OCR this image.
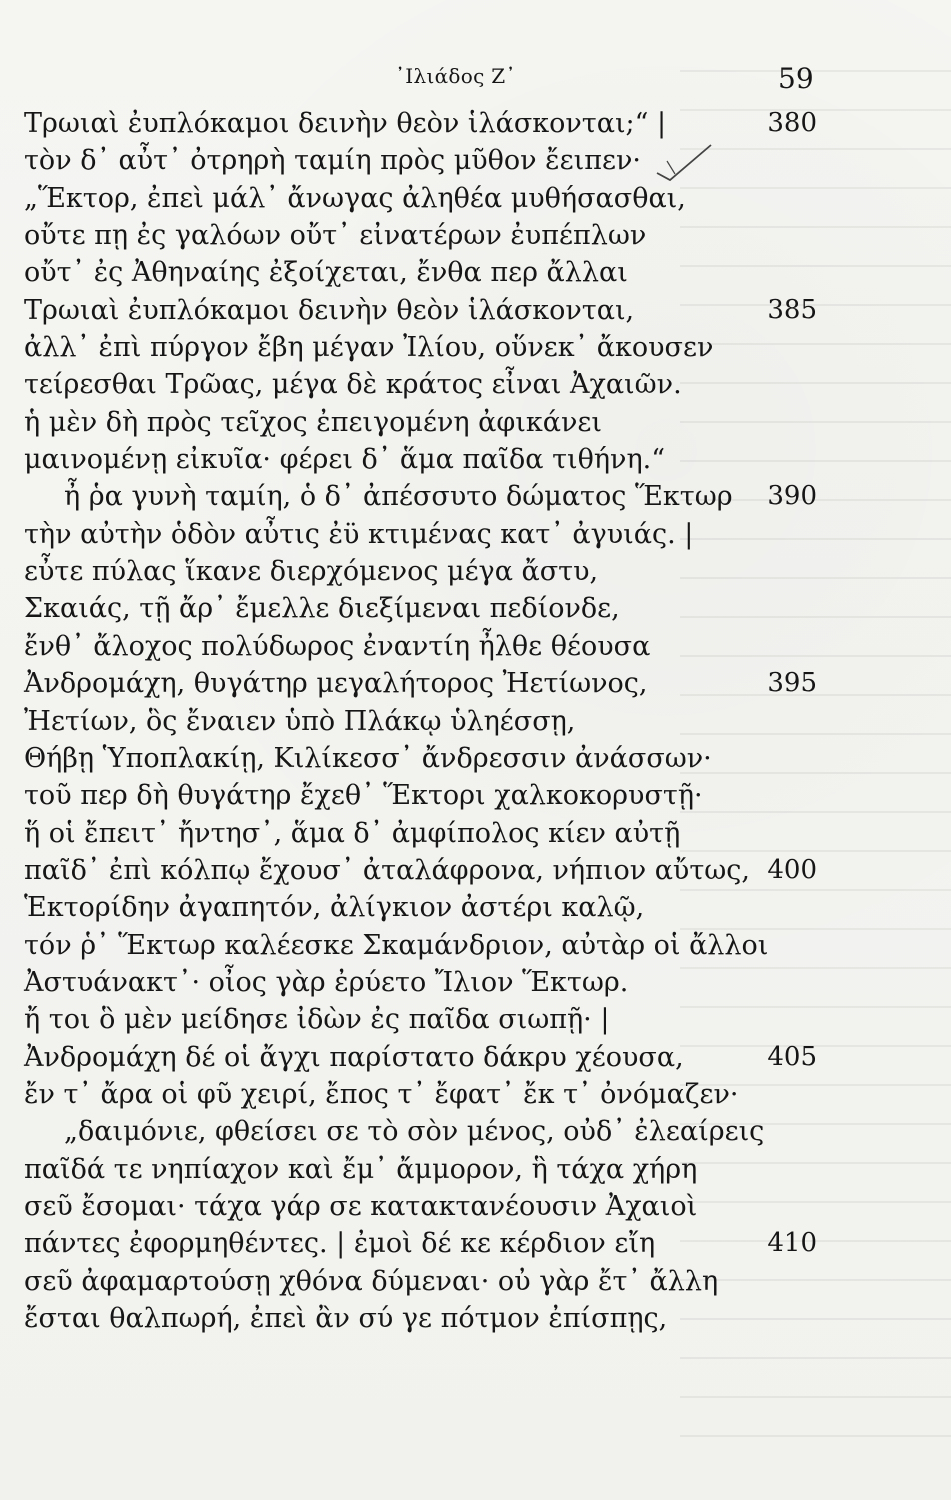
᾽Ιλιάδος Ζ᾽	59
Τρωιαὶ ἐυπλόκαμοι δεινὴν θεὸν ἱλάσκονται;“ |	380
τὸν δ᾽ αὖτ᾽ ὀτρηρὴ ταμίη πρὸς μῦθον ἔειπεν·
„Ἕκτορ, ἐπεὶ μάλ᾽ ἄνωγας ἀληθέα μυθήσασθαι,
οὔτε πῃ ἐς γαλόων οὔτ᾽ εἰνατέρων ἐυπέπλων
οὔτ᾽ ἐς Ἀθηναίης ἐξοίχεται, ἔνθα περ ἄλλαι
Τρωιαὶ ἐυπλόκαμοι δεινὴν θεὸν ἱλάσκονται,	385
ἀλλ᾽ ἐπὶ πύργον ἔβη μέγαν Ἰλίου, οὕνεκ᾽ ἄκουσεν
τείρεσθαι Τρῶας, μέγα δὲ κράτος εἶναι Ἀχαιῶν.
ἡ μὲν δὴ πρὸς τεῖχος ἐπειγομένη ἀφικάνει
μαινομένῃ εἰκυῖα· φέρει δ᾽ ἅμα παῖδα τιθήνη.“
ἦ ῥα γυνὴ ταμίη, ὁ δ᾽ ἀπέσσυτο δώματος Ἕκτωρ	390
τὴν αὐτὴν ὁδὸν αὖτις ἐϋ κτιμένας κατ᾽ ἀγυιάς. |
εὖτε πύλας ἵκανε διερχόμενος μέγα ἄστυ,
Σκαιάς, τῇ ἄρ᾽ ἔμελλε διεξίμεναι πεδίονδε,
ἔνθ᾽ ἄλοχος πολύδωρος ἐναντίη ἦλθε θέουσα
Ἀνδρομάχη, θυγάτηρ μεγαλήτορος Ἠετίωνος,	395
Ἠετίων, ὃς ἔναιεν ὑπὸ Πλάκῳ ὑληέσσῃ,
Θήβῃ Ὑποπλακίῃ, Κιλίκεσσ᾽ ἄνδρεσσιν ἀνάσσων·
τοῦ περ δὴ θυγάτηρ ἔχεθ᾽ Ἕκτορι χαλκοκορυστῇ·
ἥ οἱ ἔπειτ᾽ ἤντησ᾽, ἅμα δ᾽ ἀμφίπολος κίεν αὐτῇ
παῖδ᾽ ἐπὶ κόλπῳ ἔχουσ᾽ ἀταλάφρονα, νήπιον αὔτως, 400
Ἑκτορίδην ἀγαπητόν, ἀλίγκιον ἀστέρι καλῷ,
τόν ῥ᾽ Ἕκτωρ καλέεσκε Σκαμάνδριον, αὐτὰρ οἱ ἄλλοι
Ἀστυάνακτ᾽· οἶος γὰρ ἐρύετο Ἴλιον Ἕκτωρ.
ἤ τοι ὃ μὲν μείδησε ἰδὼν ἐς παῖδα σιωπῇ· |
Ἀνδρομάχη δέ οἱ ἄγχι παρίστατο δάκρυ χέουσα,	405
ἔν τ᾽ ἄρα οἱ φῦ χειρί, ἔπος τ᾽ ἔφατ᾽ ἔκ τ᾽ ὀνόμαζεν·
„δαιμόνιε, φθείσει σε τὸ σὸν μένος, οὐδ᾽ ἐλεαίρεις
παῖδά τε νηπίαχον καὶ ἔμ᾽ ἄμμορον, ἣ τάχα χήρη
σεῦ ἔσομαι· τάχα γάρ σε κατακτανέουσιν Ἀχαιοὶ
πάντες ἐφορμηθέντες. | ἐμοὶ δέ κε κέρδιον εἴη	410
σεῦ ἀφαμαρτούσῃ χθόνα δύμεναι· οὐ γὰρ ἔτ᾽ ἄλλη
ἔσται θαλπωρή, ἐπεὶ ἂν σύ γε πότμον ἐπίσπῃς,
